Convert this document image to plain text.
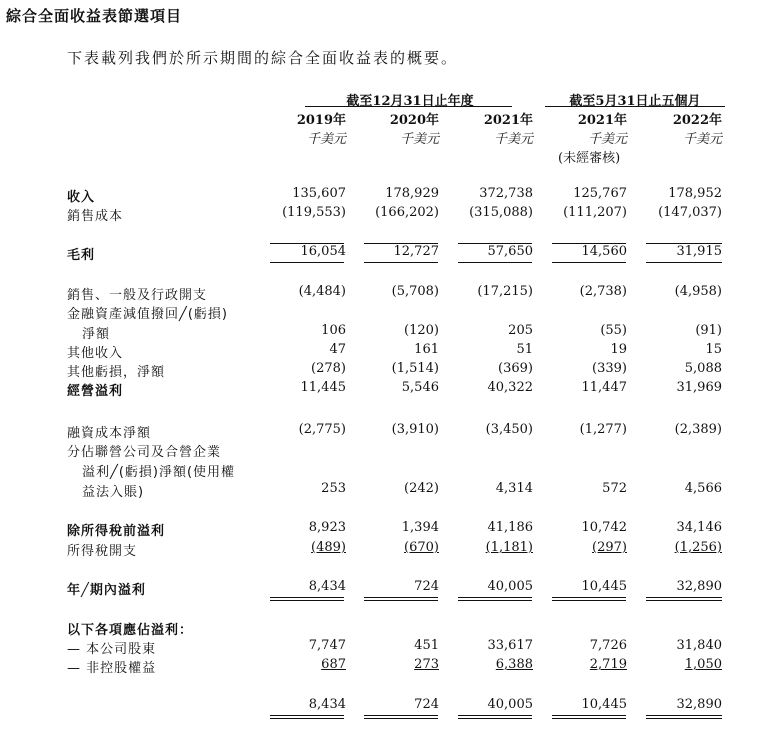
綜合全面收益表節選項目
下表載列我們於所示期間的綜合全面收益表的概要。
截至12月31日止年度	截至5月31日止五個月
2019年	2020年	2021年	2021年	2022年
千美元	千美元	千美元	千美元	千美元
(未經審核)
收入	135,607	178,929	372,738	125,767	178,952
銷售成本	(119,553) (166,202) (315,088) (111,207) (147,037)
毛利	16,054	12,727	57,650	14,560	31,915
銷售、一般及行政開支	(4,484)	(5,708)	(17,215)	(2,738)	(4,958)
金融資產減值撥回╱(虧損)
淨額	106	(120)	205	(55)	(91)
其他收入	47	161	51	19	15
其他虧損，淨額	(278)	(1,514)	(369)	(339)	5,088
經營溢利	11,445	5,546	40,322	11,447	31,969
融資成本淨額	(2,775)	(3,910)	(3,450)	(1,277)	(2,389)
分佔聯營公司及合營企業
溢利╱(虧損)淨額(使用權
益法入賬)	253	(242)	4,314	572	4,566
除所得稅前溢利	8,923	1,394	41,186	10,742	34,146
所得稅開支	(489)	(670)	(1,181)	(297)	(1,256)
年╱期內溢利	8,434	724	40,005	10,445	32,890
以下各項應佔溢利：
— 本公司股東	7,747	451	33,617	7,726	31,840
— 非控股權益	687	273	6,388	2,719	1,050
8,434	724	40,005	10,445	32,890
